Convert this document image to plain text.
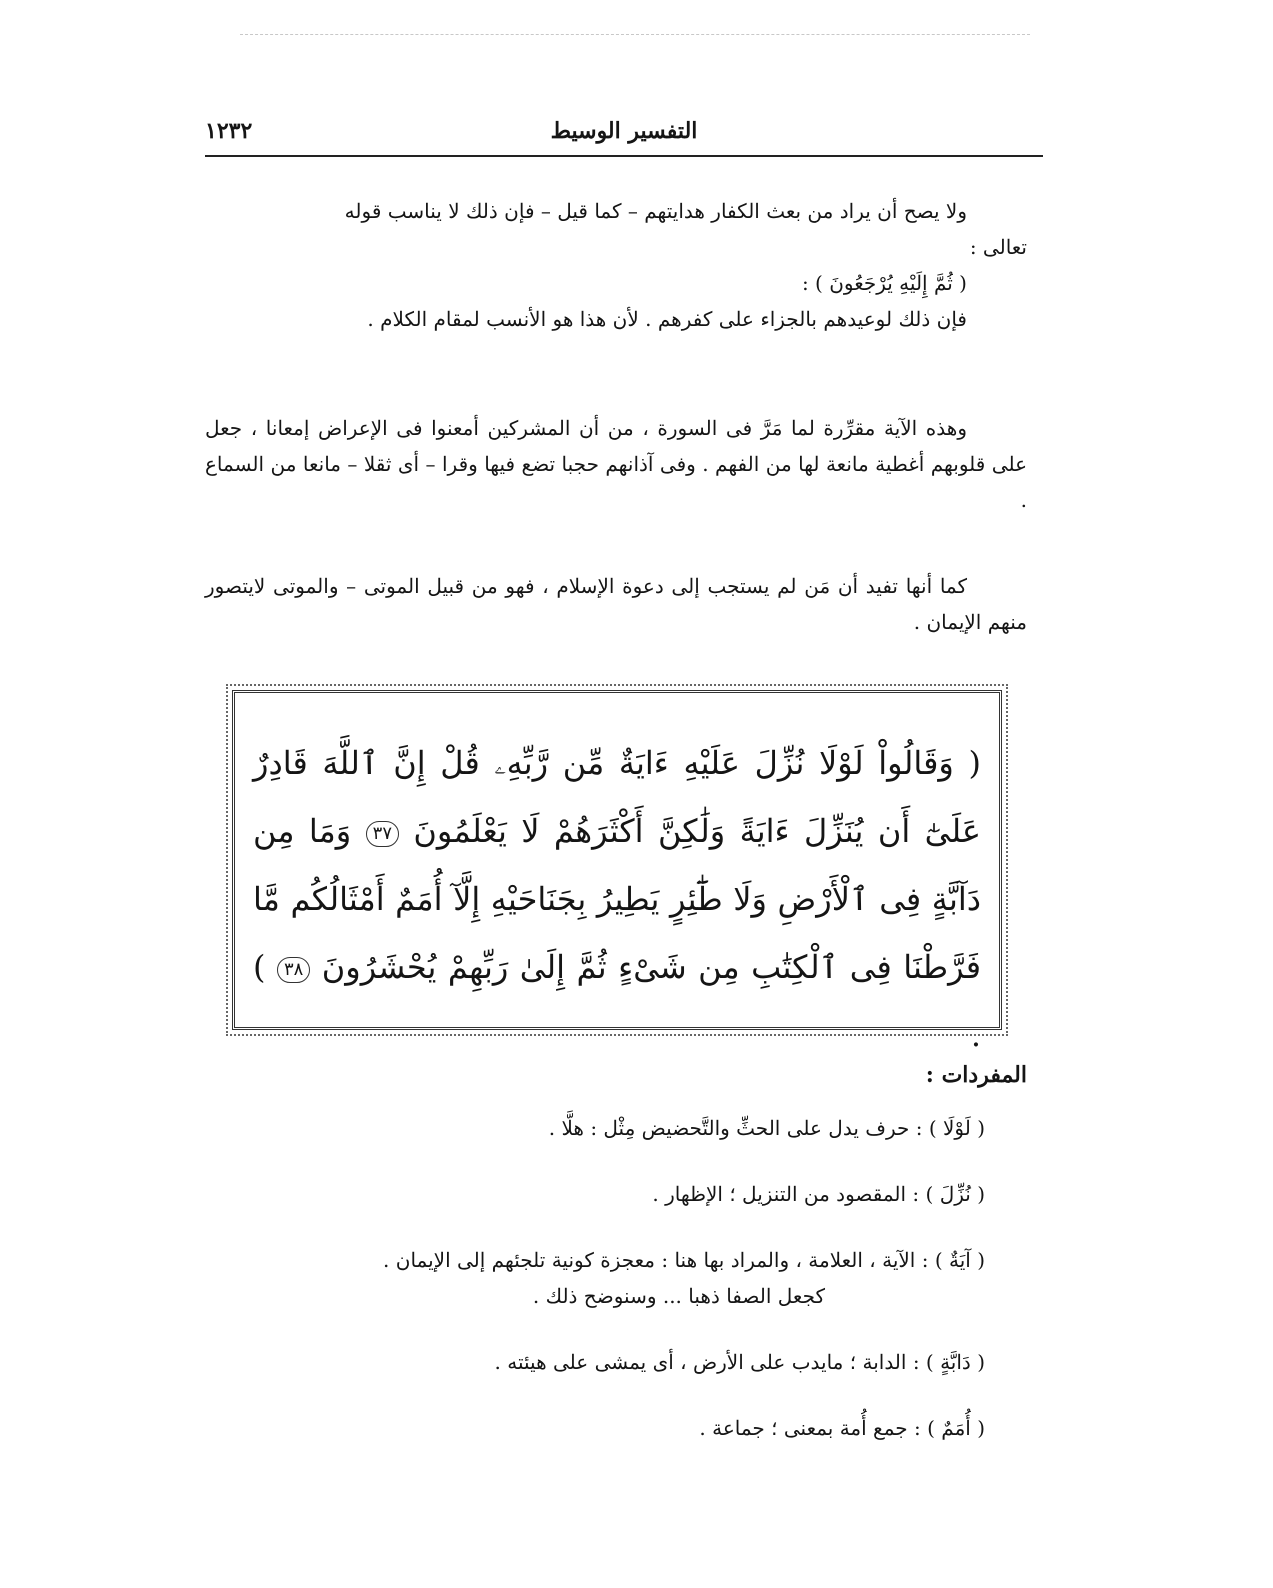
١٢٣٢	التفسير الوسيط

ولا يصح أن يراد من بعث الكفار هدايتهم – كما قيل – فإن ذلك لا يناسب قوله

تعالى :

( ثُمَّ إِلَيْهِ يُرْجَعُونَ ) :

فإن ذلك لوعيدهم بالجزاء على كفرهم . لأن هذا هو الأنسب لمقام الكلام .

وهذه الآية مقرِّرة لما مَرَّ فى السورة ، من أن المشركين أمعنوا فى الإعراض إمعانا ، جعل على قلوبهم أغطية مانعة لها من الفهم . وفى آذانهم حجبا تضع فيها وقرا – أى ثقلا – مانعا من السماع .

كما أنها تفيد أن مَن لم يستجب إلى دعوة الإسلام ، فهو من قبيل الموتى – والموتى لايتصور منهم الإيمان .

( وَقَالُواْ لَوْلَا نُزِّلَ عَلَيْهِ ءَايَةٌ مِّن رَّبِّهِۦ قُلْ إِنَّ ٱللَّهَ قَادِرٌ عَلَىٰٓ أَن يُنَزِّلَ ءَايَةً وَلَٰكِنَّ أَكْثَرَهُمْ لَا يَعْلَمُونَ ٣٧ وَمَا مِن دَآبَّةٍ فِى ٱلْأَرْضِ وَلَا طَٰٓئِرٍ يَطِيرُ بِجَنَاحَيْهِ إِلَّآ أُمَمٌ أَمْثَالُكُم مَّا فَرَّطْنَا فِى ٱلْكِتَٰبِ مِن شَىْءٍ ثُمَّ إِلَىٰ رَبِّهِمْ يُحْشَرُونَ ٣٨ ) .
المفردات :
( لَوْلَا ) : حرف يدل على الحثِّ والتَّحضيض مِثْل : هلَّا .
( نُزِّلَ ) : المقصود من التنزيل ؛ الإظهار .
( آيَةٌ ) : الآية ، العلامة ، والمراد بها هنا : معجزة كونية تلجئهم إلى الإيمان .
كجعل الصفا ذهبا ... وسنوضح ذلك .
( دَابَّةٍ ) : الدابة ؛ مايدب على الأرض ، أى يمشى على هيئته .
( أُمَمٌ ) : جمع أُمة بمعنى ؛ جماعة .
